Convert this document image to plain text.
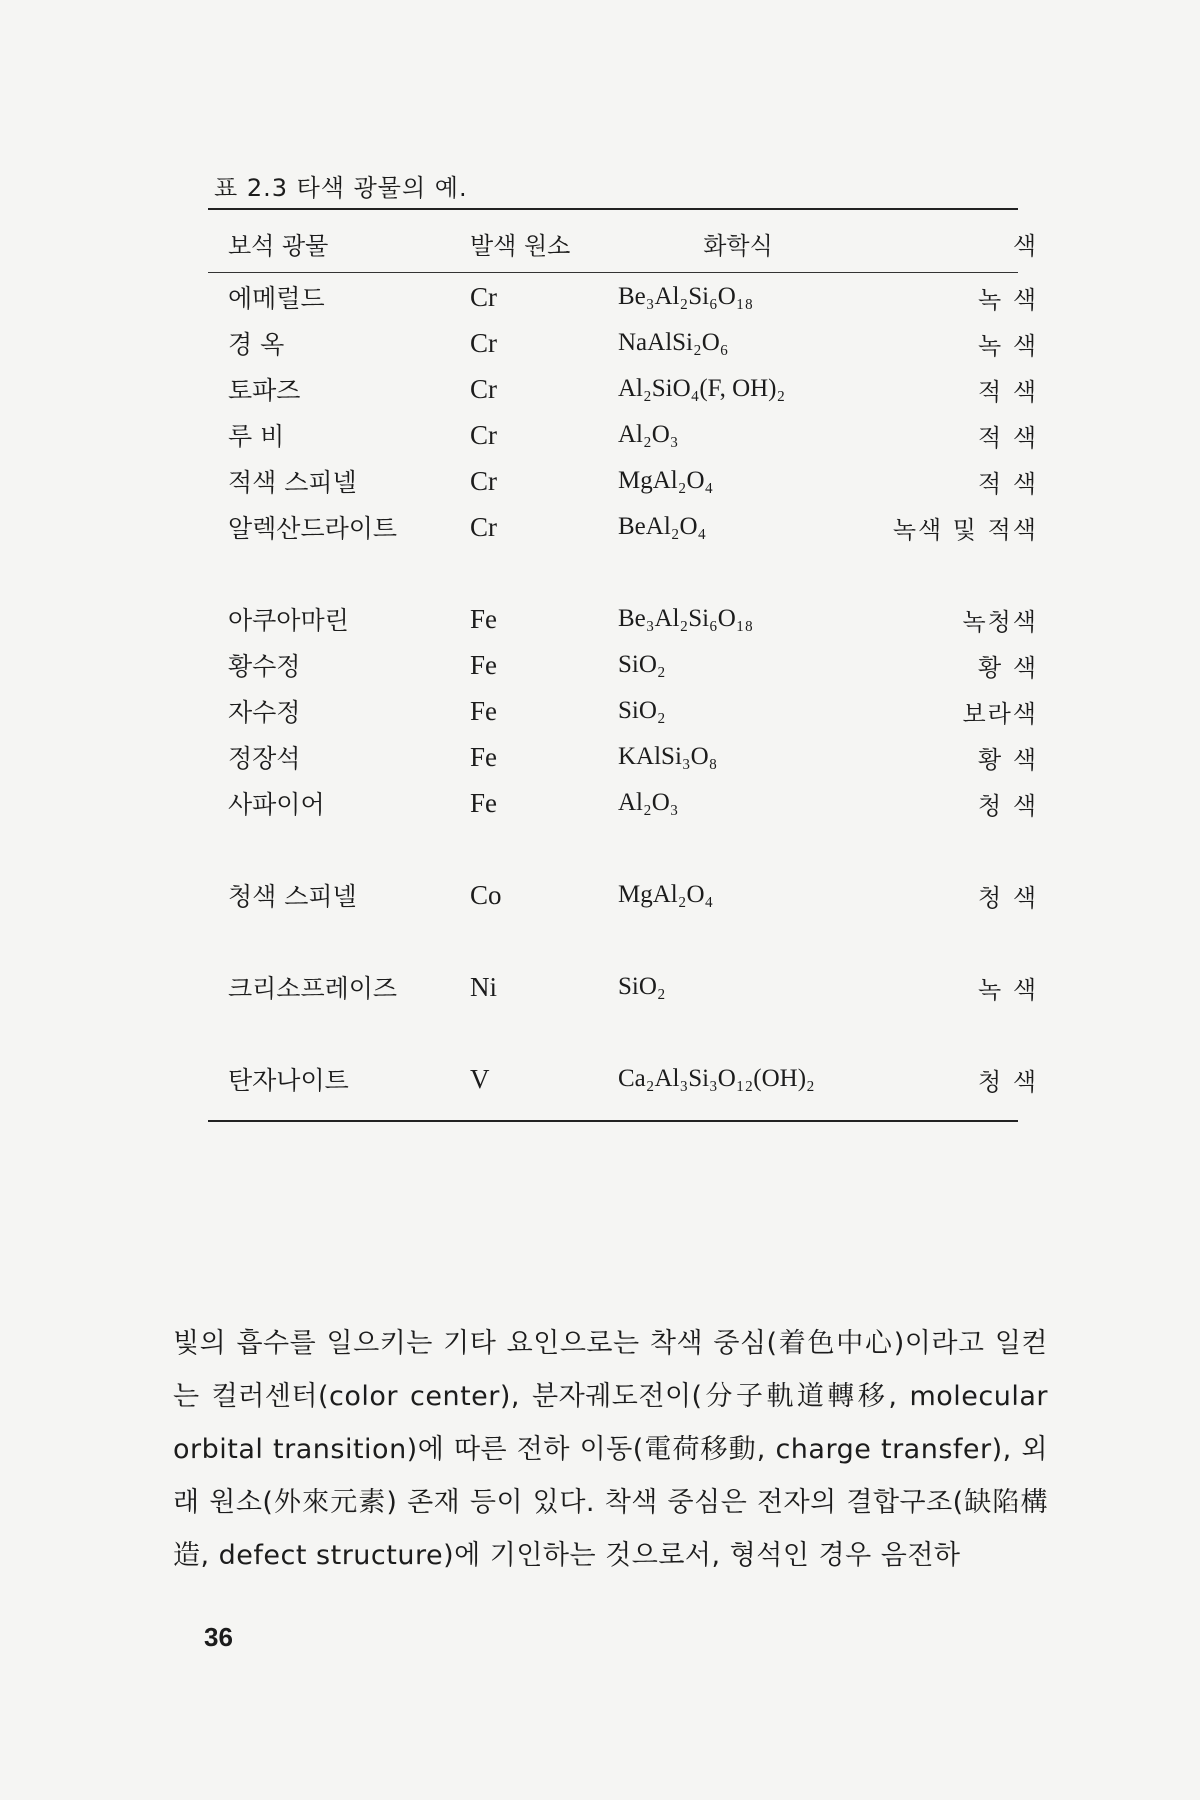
표 2.3 타색 광물의 예.
보석 광물	발색 원소	화학식	색
에메럴드	Cr	Be₃Al₂Si₆O₁₈	녹 색
경 옥	Cr	NaAlSi₂O₆	녹 색
토파즈	Cr	Al₂SiO₄(F, OH)₂	적 색
루 비	Cr	Al₂O₃	적 색
적색 스피넬	Cr	MgAl₂O₄	적 색
알렉산드라이트	Cr	BeAl₂O₄	녹색 및 적색

아쿠아마린	Fe	Be₃Al₂Si₆O₁₈	녹청색
황수정	Fe	SiO₂	황 색
자수정	Fe	SiO₂	보라색
정장석	Fe	KAlSi₃O₈	황 색
사파이어	Fe	Al₂O₃	청 색

청색 스피넬	Co	MgAl₂O₄	청 색

크리소프레이즈	Ni	SiO₂	녹 색

탄자나이트	V	Ca₂Al₃Si₃O₁₂(OH)₂	청 색

빛의 흡수를 일으키는 기타 요인으로는 착색 중심(着色中心)이라고 일컫는 컬러센터(color center), 분자궤도전이(分子軌道轉移, molecular orbital transition)에 따른 전하 이동(電荷移動, charge transfer), 외래 원소(外來元素) 존재 등이 있다. 착색 중심은 전자의 결합구조(缺陷構造, defect structure)에 기인하는 것으로서, 형석인 경우 음전하

36
